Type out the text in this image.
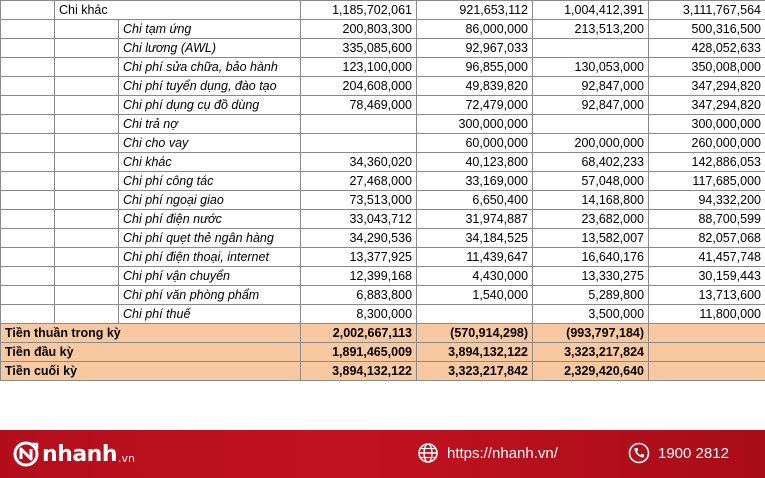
	Chi khác		1,185,702,061	921,653,112	1,004,412,391	3,111,767,564
		Chi tạm ứng	200,803,300	86,000,000	213,513,200	500,316,500
		Chi lương (AWL)	335,085,600	92,967,033		428,052,633
		Chi phí sửa chữa, bảo hành	123,100,000	96,855,000	130,053,000	350,008,000
		Chi phí tuyển dụng, đào tạo	204,608,000	49,839,820	92,847,000	347,294,820
		Chi phí dụng cụ đồ dùng	78,469,000	72,479,000	92,847,000	347,294,820
		Chi trả nợ		300,000,000		300,000,000
		Chi cho vay		60,000,000	200,000,000	260,000,000
		Chi khác	34,360,020	40,123,800	68,402,233	142,886,053
		Chi phí công tác	27,468,000	33,169,000	57,048,000	117,685,000
		Chi phí ngoại giao	73,513,000	6,650,400	14,168,800	94,332,200
		Chi phí điện nước	33,043,712	31,974,887	23,682,000	88,700,599
		Chi phí quẹt thẻ ngân hàng	34,290,536	34,184,525	13,582,007	82,057,068
		Chi phí điện thoại, internet	13,377,925	11,439,647	16,640,176	41,457,748
		Chi phí vận chuyển	12,399,168	4,430,000	13,330,275	30,159,443
		Chi phí văn phòng phẩm	6,883,800	1,540,000	5,289,800	13,713,600
		Chi phí thuế	8,300,000		3,500,000	11,800,000
Tiền thuần trong kỳ			2,002,667,113	(570,914,298)	(993,797,184)	
Tiền đầu kỳ			1,891,465,009	3,894,132,122	3,323,217,824	
Tiền cuối kỳ			3,894,132,122	3,323,217,842	2,329,420,640	
nhanh .vn	https://nhanh.vn/	1900 2812
